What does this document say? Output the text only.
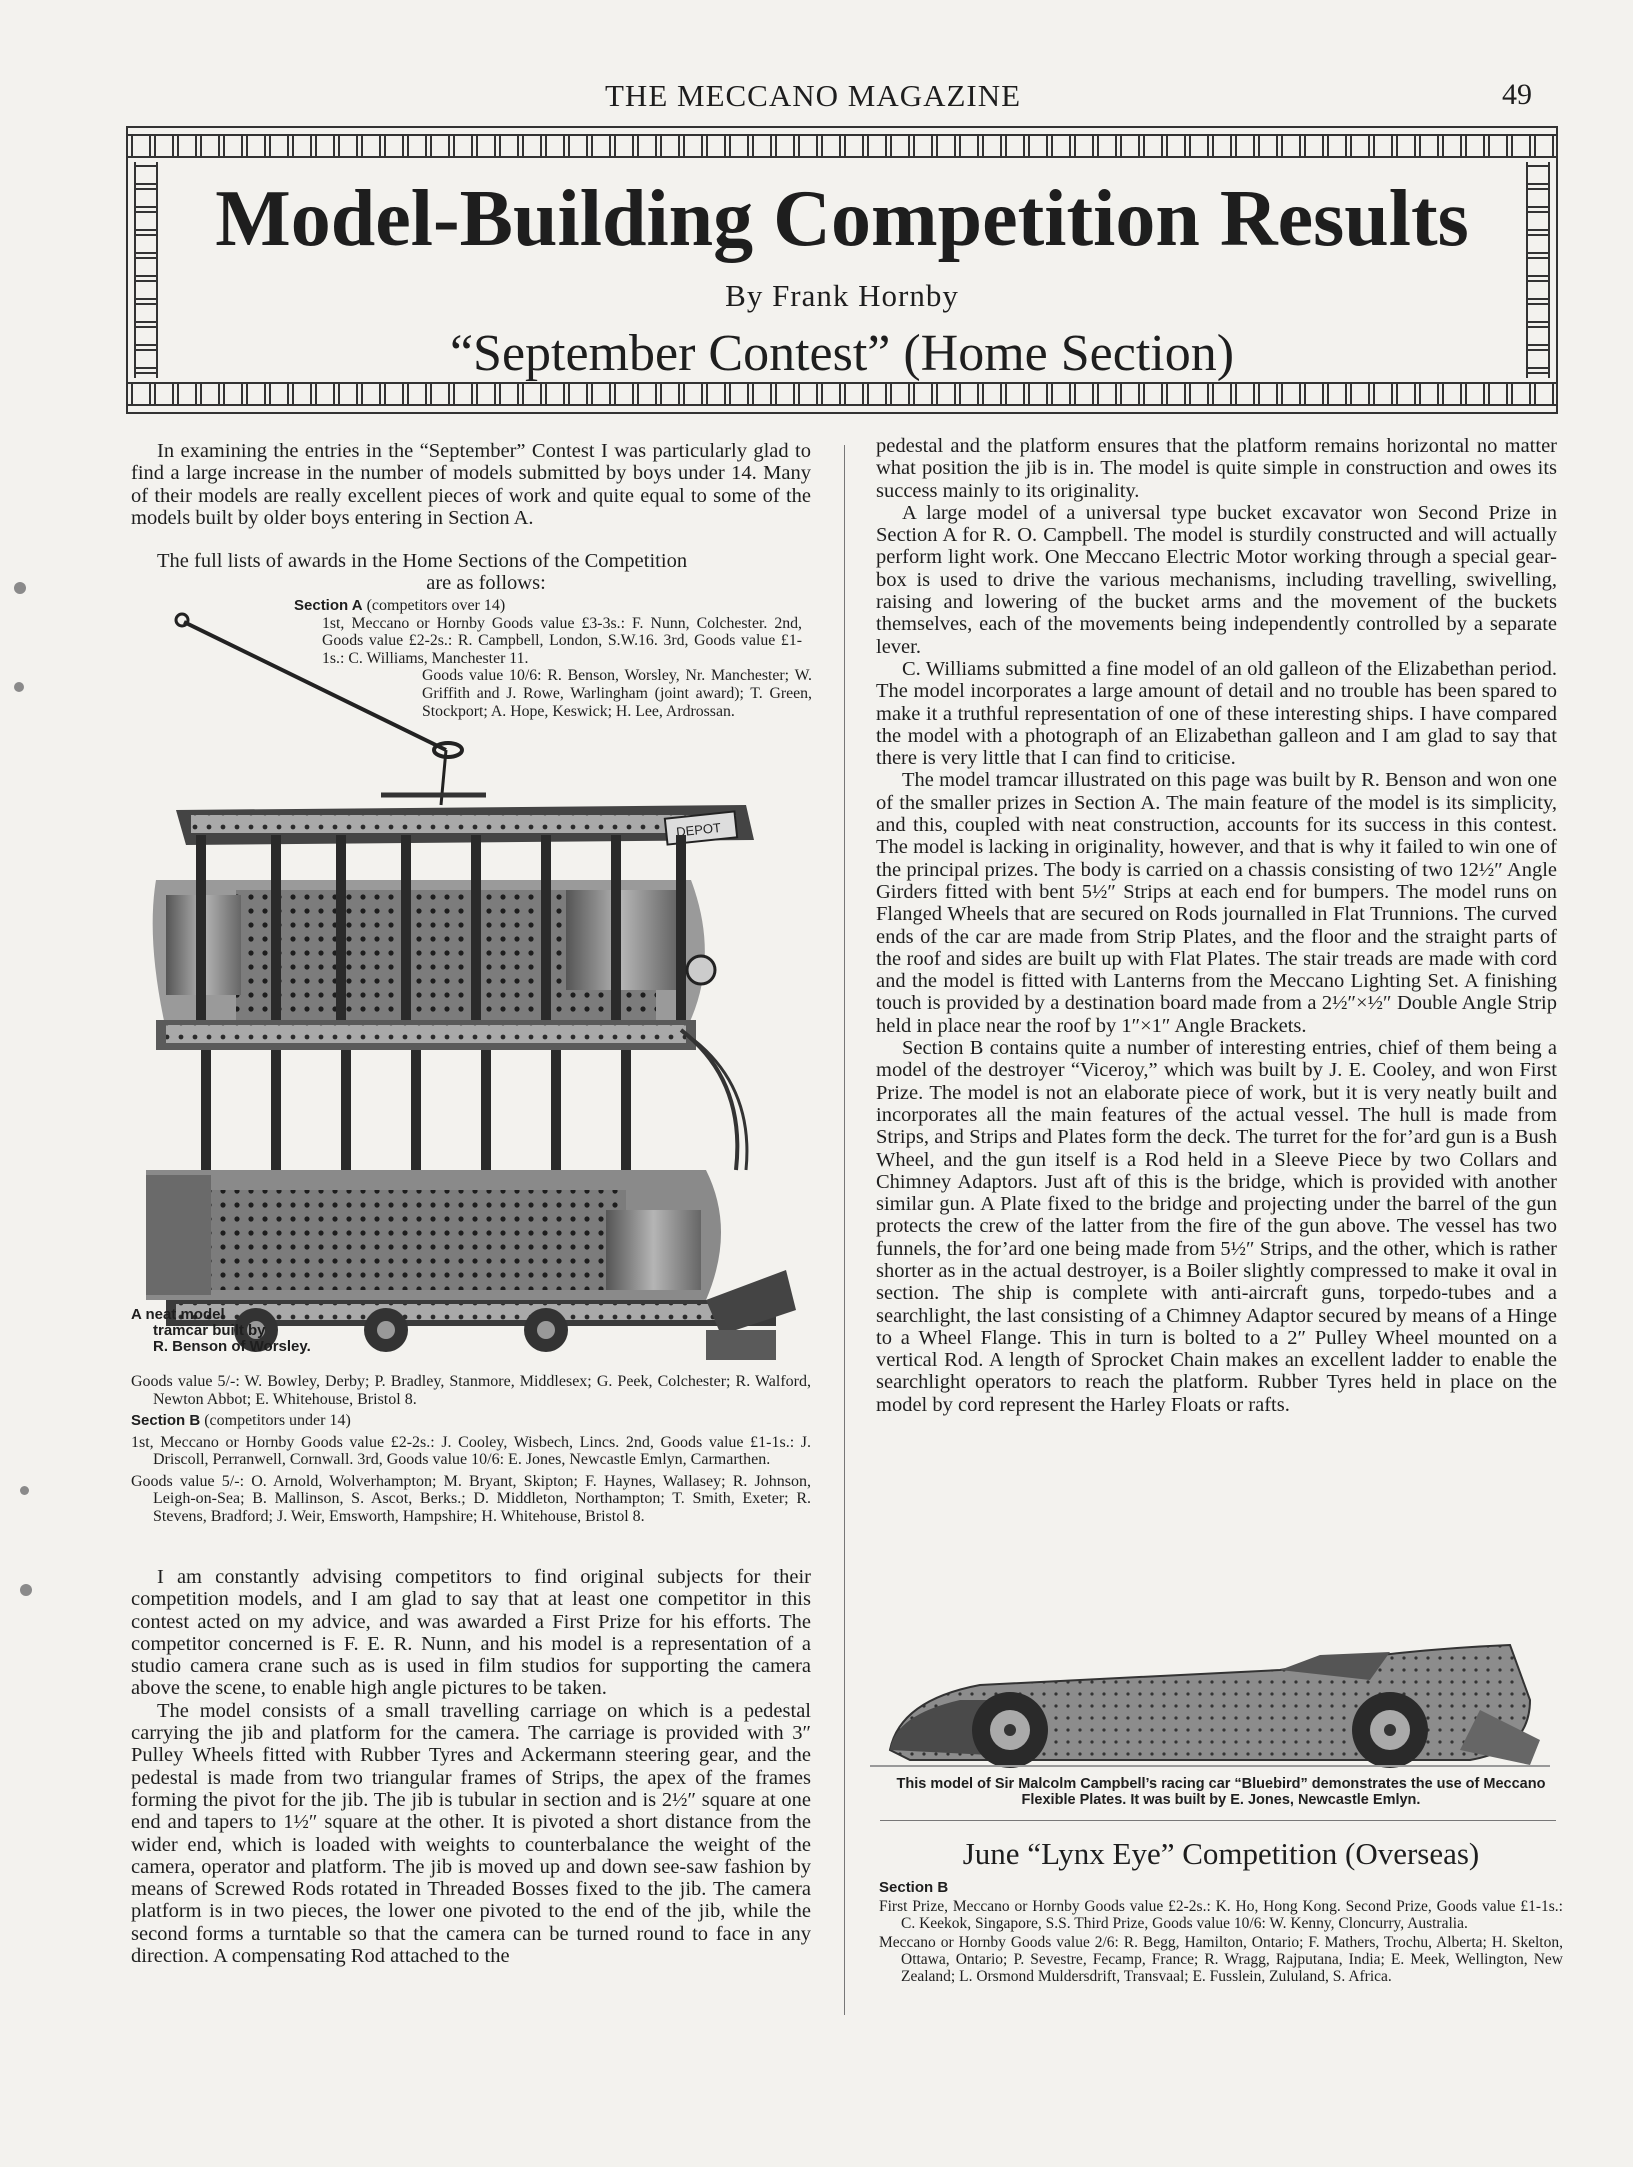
THE MECCANO MAGAZINE	49
Model-Building Competition Results
By Frank Hornby
“September Contest” (Home Section)

In examining the entries in the “September” Contest I was particularly glad to find a large increase in the number of models submitted by boys under 14. Many of their models are really excellent pieces of work and quite equal to some of the models built by older boys entering in Section A.

The full lists of awards in the Home Sections of the Competition

are as follows:

DEPOT
Section A (competitors over 14)
1st, Meccano or Hornby Goods value £3-3s.: F. Nunn, Colchester. 2nd, Goods value £2-2s.: R. Campbell, London, S.W.16. 3rd, Goods value £1-1s.: C. Williams, Manchester 11.
Goods value 10/6: R. Benson, Worsley, Nr. Manchester; W. Griffith and J. Rowe, Warlingham (joint award); T. Green, Stockport; A. Hope, Keswick; H. Lee, Ardrossan.
A neat model
tramcar built by
R. Benson of Worsley.
Goods value 5/-: W. Bowley, Derby; P. Bradley, Stanmore, Middlesex; G. Peek, Colchester; R. Walford, Newton Abbot; E. Whitehouse, Bristol 8.
Section B (competitors under 14)
1st, Meccano or Hornby Goods value £2-2s.: J. Cooley, Wisbech, Lincs. 2nd, Goods value £1-1s.: J. Driscoll, Perranwell, Cornwall. 3rd, Goods value 10/6: E. Jones, Newcastle Emlyn, Carmarthen.
Goods value 5/-: O. Arnold, Wolverhampton; M. Bryant, Skipton; F. Haynes, Wallasey; R. Johnson, Leigh-on-Sea; B. Mallinson, S. Ascot, Berks.; D. Middleton, Northampton; T. Smith, Exeter; R. Stevens, Bradford; J. Weir, Emsworth, Hampshire; H. Whitehouse, Bristol 8.

I am constantly advising competitors to find original subjects for their competition models, and I am glad to say that at least one competitor in this contest acted on my advice, and was awarded a First Prize for his efforts. The competitor concerned is F. E. R. Nunn, and his model is a representation of a studio camera crane such as is used in film studios for supporting the camera above the scene, to enable high angle pictures to be taken.

The model consists of a small travelling carriage on which is a pedestal carrying the jib and platform for the camera. The carriage is provided with 3″ Pulley Wheels fitted with Rubber Tyres and Ackermann steering gear, and the pedestal is made from two triangular frames of Strips, the apex of the frames forming the pivot for the jib. The jib is tubular in section and is 2½″ square at one end and tapers to 1½″ square at the other. It is pivoted a short distance from the wider end, which is loaded with weights to counterbalance the weight of the camera, operator and platform. The jib is moved up and down see-saw fashion by means of Screwed Rods rotated in Threaded Bosses fixed to the jib. The camera platform is in two pieces, the lower one pivoted to the end of the jib, while the second forms a turntable so that the camera can be turned round to face in any direction. A compensating Rod attached to the

pedestal and the platform ensures that the platform remains horizontal no matter what position the jib is in. The model is quite simple in construction and owes its success mainly to its originality.

A large model of a universal type bucket excavator won Second Prize in Section A for R. O. Campbell. The model is sturdily constructed and will actually perform light work. One Meccano Electric Motor working through a special gear-box is used to drive the various mechanisms, including travelling, swivelling, raising and lowering of the bucket arms and the movement of the buckets themselves, each of the movements being independently controlled by a separate lever.

C. Williams submitted a fine model of an old galleon of the Elizabethan period. The model incorporates a large amount of detail and no trouble has been spared to make it a truthful representation of one of these interesting ships. I have compared the model with a photograph of an Elizabethan galleon and I am glad to say that there is very little that I can find to criticise.

The model tramcar illustrated on this page was built by R. Benson and won one of the smaller prizes in Section A. The main feature of the model is its simplicity, and this, coupled with neat construction, accounts for its success in this contest. The model is lacking in originality, however, and that is why it failed to win one of the principal prizes. The body is carried on a chassis consisting of two 12½″ Angle Girders fitted with bent 5½″ Strips at each end for bumpers. The model runs on Flanged Wheels that are secured on Rods journalled in Flat Trunnions. The curved ends of the car are made from Strip Plates, and the floor and the straight parts of the roof and sides are built up with Flat Plates. The stair treads are made with cord and the model is fitted with Lanterns from the Meccano Lighting Set. A finishing touch is provided by a destination board made from a 2½″×½″ Double Angle Strip held in place near the roof by 1″×1″ Angle Brackets.

Section B contains quite a number of interesting entries, chief of them being a model of the destroyer “Viceroy,” which was built by J. E. Cooley, and won First Prize. The model is not an elaborate piece of work, but it is very neatly built and incorporates all the main features of the actual vessel. The hull is made from Strips, and Strips and Plates form the deck. The turret for the for’ard gun is a Bush Wheel, and the gun itself is a Rod held in a Sleeve Piece by two Collars and Chimney Adaptors. Just aft of this is the bridge, which is provided with another similar gun. A Plate fixed to the bridge and projecting under the barrel of the gun protects the crew of the latter from the fire of the gun above. The vessel has two funnels, the for’ard one being made from 5½″ Strips, and the other, which is rather shorter as in the actual destroyer, is a Boiler slightly compressed to make it oval in section. The ship is complete with anti-aircraft guns, torpedo-tubes and a searchlight, the last consisting of a Chimney Adaptor secured by means of a Hinge to a Wheel Flange. This in turn is bolted to a 2″ Pulley Wheel mounted on a vertical Rod. A length of Sprocket Chain makes an excellent ladder to enable the searchlight operators to reach the platform. Rubber Tyres held in place on the model by cord represent the Harley Floats or rafts.

This model of Sir Malcolm Campbell’s racing car “Bluebird” demonstrates the use of Meccano Flexible Plates. It was built by E. Jones, Newcastle Emlyn.
June “Lynx Eye” Competition (Overseas)
Section B
First Prize, Meccano or Hornby Goods value £2-2s.: K. Ho, Hong Kong. Second Prize, Goods value £1-1s.: C. Keekok, Singapore, S.S. Third Prize, Goods value 10/6: W. Kenny, Cloncurry, Australia.
Meccano or Hornby Goods value 2/6: R. Begg, Hamilton, Ontario; F. Mathers, Trochu, Alberta; H. Skelton, Ottawa, Ontario; P. Sevestre, Fecamp, France; R. Wragg, Rajputana, India; E. Meek, Wellington, New Zealand; L. Orsmond Muldersdrift, Transvaal; E. Fusslein, Zululand, S. Africa.
